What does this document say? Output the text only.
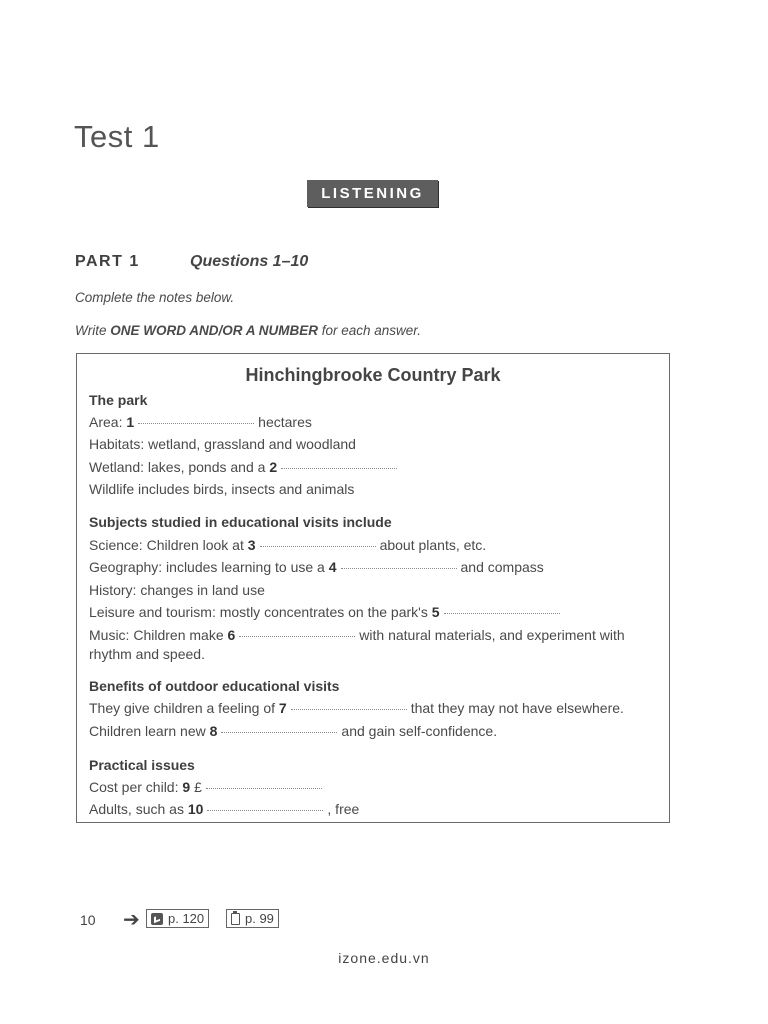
Test 1
LISTENING
PART 1	Questions 1–10
Complete the notes below.
Write ONE WORD AND/OR A NUMBER for each answer.
Hinchingbrooke Country Park
The park
Area: 1	hectares
Habitats: wetland, grassland and woodland
Wetland: lakes, ponds and a 2
Wildlife includes birds, insects and animals
Subjects studied in educational visits include
Science: Children look at 3	about plants, etc.
Geography: includes learning to use a 4	and compass
History: changes in land use
Leisure and tourism: mostly concentrates on the park's 5
Music: Children make 6	with natural materials, and experiment with rhythm and speed.
Benefits of outdoor educational visits
They give children a feeling of 7	that they may not have elsewhere.
Children learn new 8	and gain self-confidence.
Practical issues
Cost per child: 9 £
Adults, such as 10	, free
10 ➔ p. 120	p. 99
izone.edu.vn
